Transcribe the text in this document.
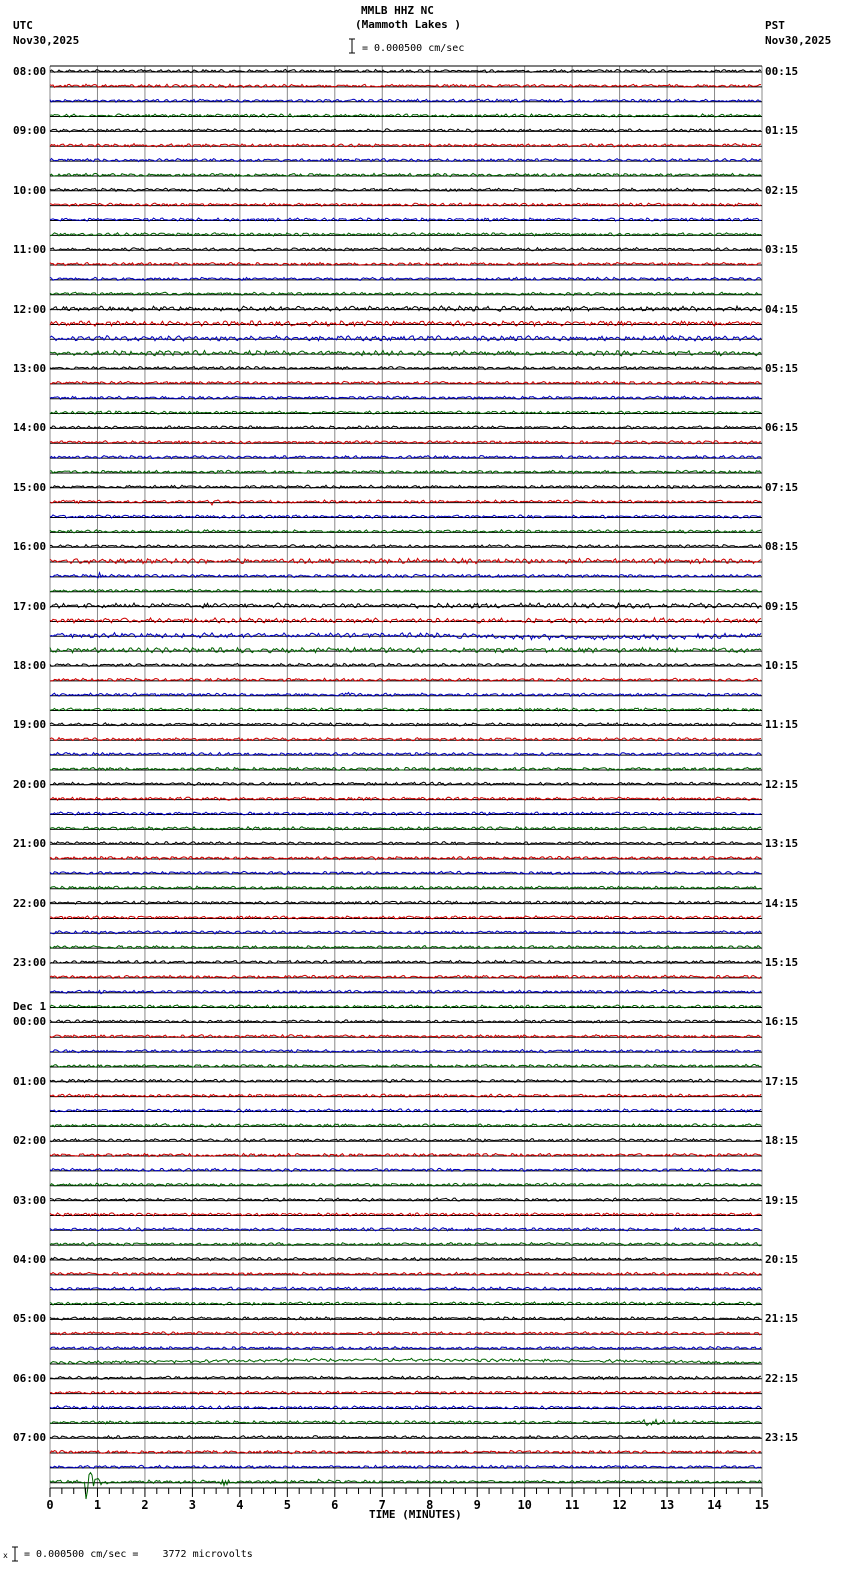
0	1	2	3	4	5	6	7	8	9	10	11	12	13	14	15
MMLB HHZ NC
(Mammoth Lakes )
= 0.000500 cm/sec
UTC
Nov30,2025
PST
Nov30,2025
08:00
09:00
10:00
11:00
12:00
13:00
14:00
15:00
16:00
17:00
18:00
19:00
20:00
21:00
22:00
23:00
Dec 1
00:00
01:00
02:00
03:00
04:00
05:00
06:00
07:00
00:15
01:15
02:15
03:15
04:15
05:15
06:15
07:15
08:15
09:15
10:15
11:15
12:15
13:15
14:15
15:15
16:15
17:15
18:15
19:15
20:15
21:15
22:15
23:15
TIME (MINUTES)
x = 0.000500 cm/sec =    3772 microvolts
